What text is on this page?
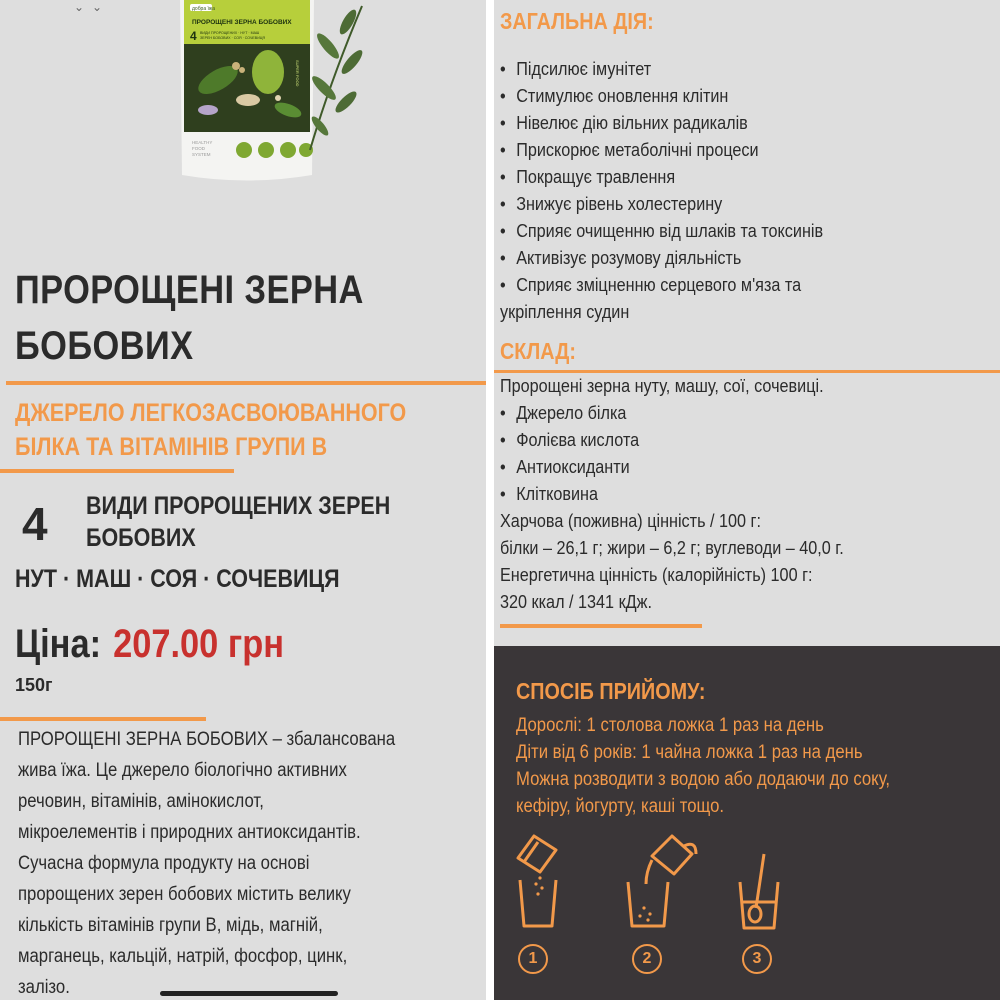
⌄ ⌄	добра їжа
ПРОРОЩЕНІ ЗЕРНА БОБОВИХ
4 ВИДИ ПРОРОЩЕНИХ · НУТ · МАШ
ЗЕРЕН БОБОВИХ · СОЯ · СОЧЕВИЦЯ
SUPER FOOD
HEALTHY
FOOD
SYSTEM
ПРОРОЩЕНІ ЗЕРНА
БОБОВИХ
ДЖЕРЕЛО ЛЕГКОЗАСВОЮВАННОГО
БІЛКА ТА ВІТАМІНІВ ГРУПИ В
4 ВИДИ ПРОРОЩЕНИХ ЗЕРЕН
БОБОВИХ
НУТ · МАШ · СОЯ · СОЧЕВИЦЯ
Ціна: 207.00 грн
150г
ПРОРОЩЕНІ ЗЕРНА БОБОВИХ – збалансована
жива їжа. Це джерело біологічно активних
речовин, вітамінів, амінокислот,
мікроелементів і природних антиоксидантів.
Сучасна формула продукту на основі
пророщених зерен бобових містить велику
кількість вітамінів групи В, мідь, магній,
марганець, кальцій, натрій, фосфор, цинк,
залізо.
ЗАГАЛЬНА ДІЯ:
• Підсилює імунітет
• Стимулює оновлення клітин
• Нівелює дію вільних радикалів
• Прискорює метаболічні процеси
• Покращує травлення
• Знижує рівень холестерину
• Сприяє очищенню від шлаків та токсинів
• Активізує розумову діяльність
• Сприяє зміцненню серцевого м'яза та
укріплення судин
СКЛАД:
Пророщені зерна нуту, машу, сої, сочевиці.
• Джерело білка
• Фолієва кислота
• Антиоксиданти
• Клітковина
Харчова (поживна) цінність / 100 г:
білки – 26,1 г; жири – 6,2 г; вуглеводи – 40,0 г.
Енергетична цінність (калорійність) 100 г:
320 ккал / 1341 кДж.
СПОСІБ ПРИЙОМУ:
Дорослі: 1 столова ложка 1 раз на день
Діти від 6 років: 1 чайна ложка 1 раз на день
Можна розводити з водою або додаючи до соку,
кефіру, йогурту, каші тощо.
1	2	3
